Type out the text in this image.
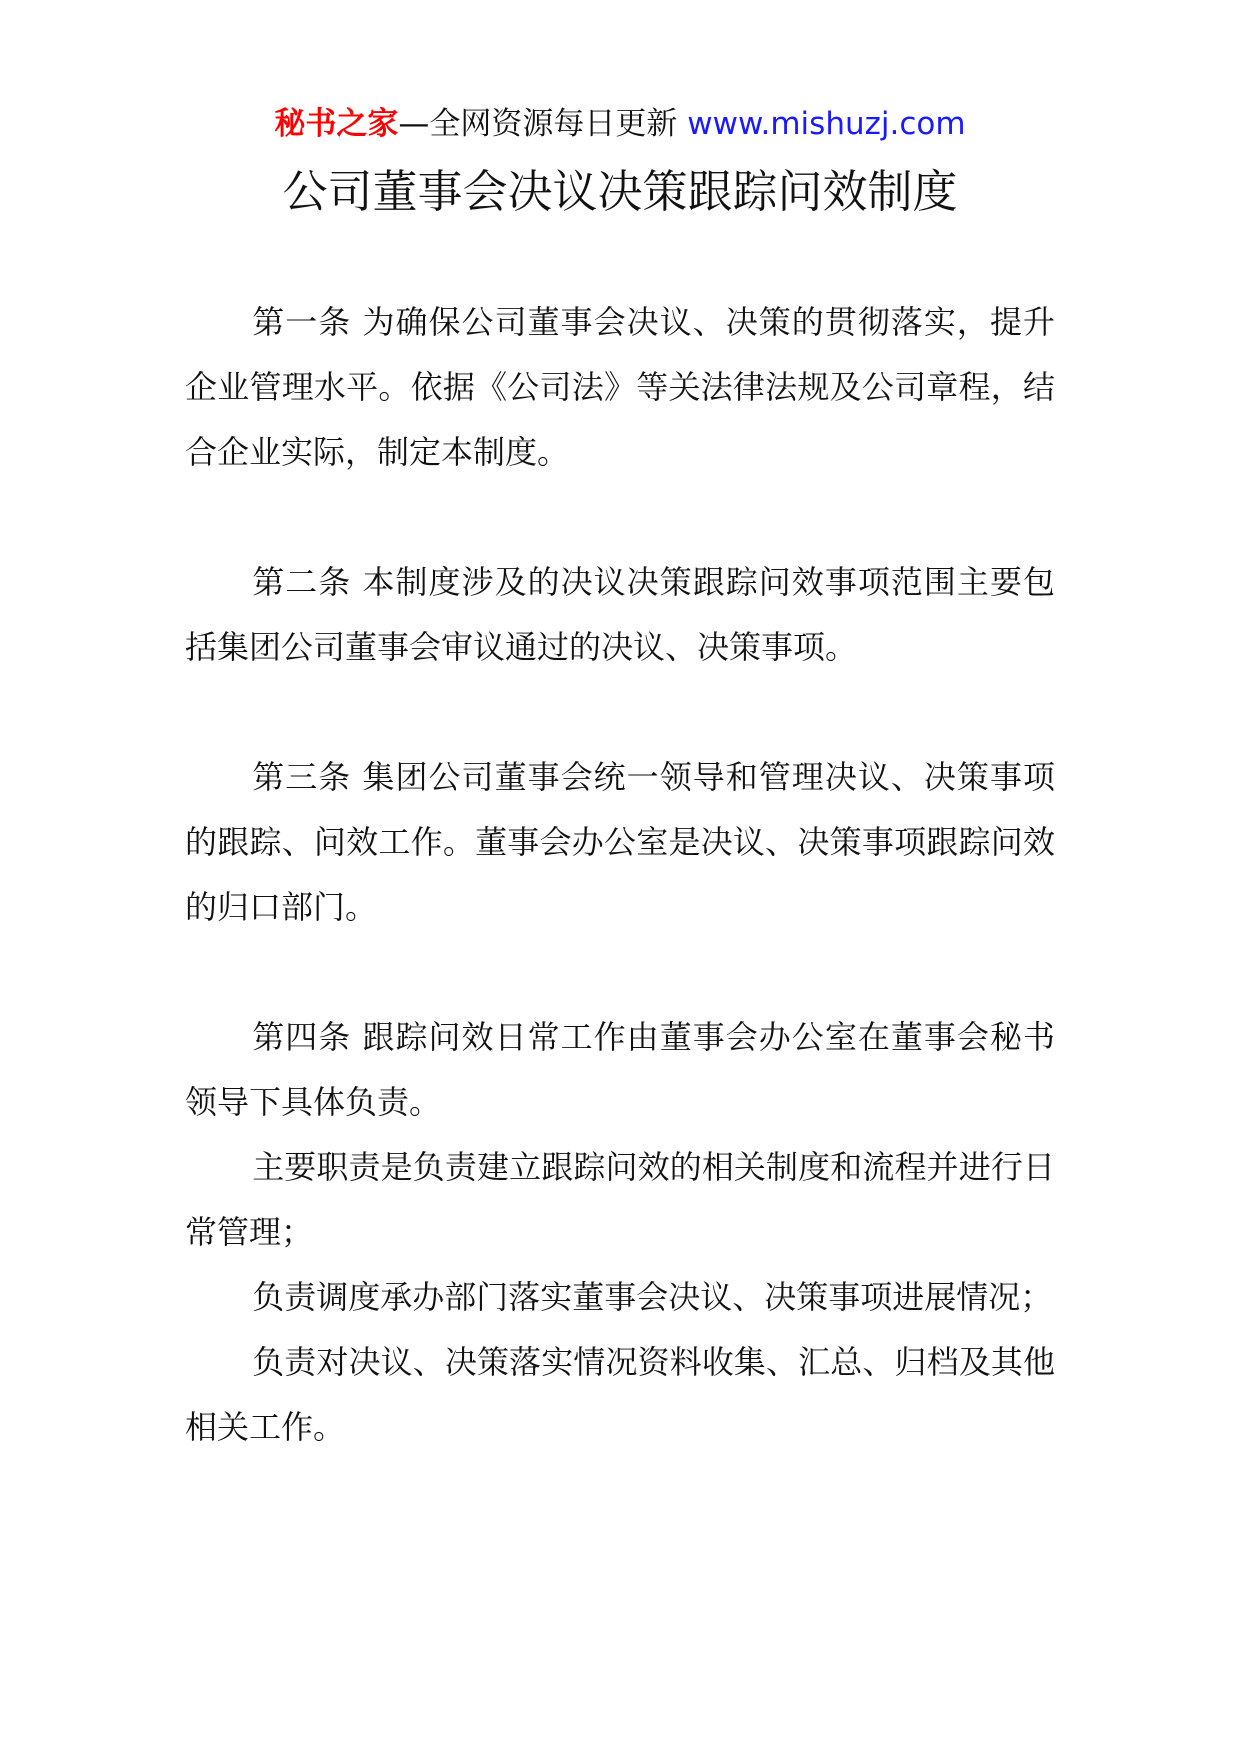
秘书之家—全网资源每日更新 www.mishuzj.com
公司董事会决议决策跟踪问效制度

第一条 为确保公司董事会决议、决策的贯彻落实，提升企业管理水平。依据《公司法》等关法律法规及公司章程，结合企业实际，制定本制度。

第二条 本制度涉及的决议决策跟踪问效事项范围主要包括集团公司董事会审议通过的决议、决策事项。

第三条 集团公司董事会统一领导和管理决议、决策事项的跟踪、问效工作。董事会办公室是决议、决策事项跟踪问效的归口部门。

第四条 跟踪问效日常工作由董事会办公室在董事会秘书领导下具体负责。

主要职责是负责建立跟踪问效的相关制度和流程并进行日常管理；

负责调度承办部门落实董事会决议、决策事项进展情况；

负责对决议、决策落实情况资料收集、汇总、归档及其他相关工作。
